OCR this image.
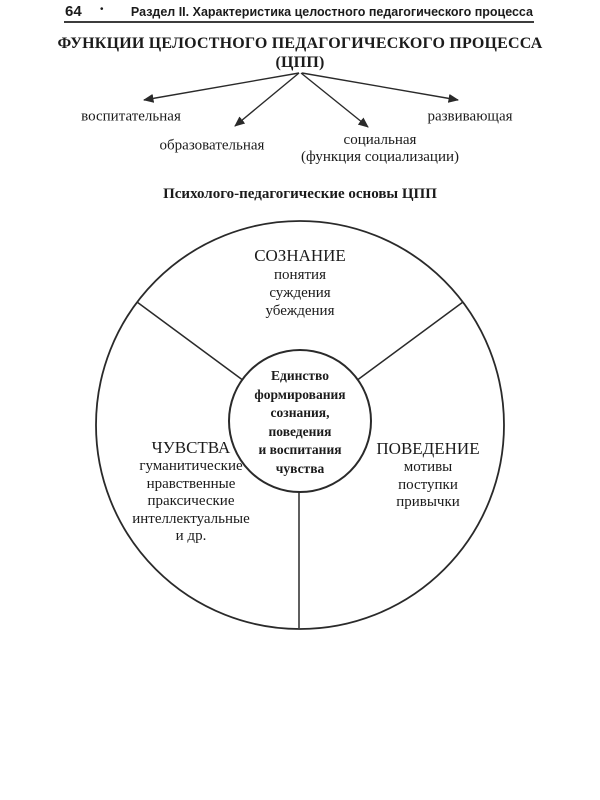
64 • Раздел II. Характеристика целостного педагогического процесса
ФУНКЦИИ ЦЕЛОСТНОГО ПЕДАГОГИЧЕСКОГО ПРОЦЕССА
(ЦПП)
воспитательная
образовательная	социальная
(функция социализации)
развивающая
Психолого-педагогические основы ЦПП
СОЗНАНИЕ
понятия
суждения
убеждения
Единство
формирования
сознания,
поведения
и воспитания
чувства
ЧУВСТВА
гуманитические
нравственные
праксические
интеллектуальные
и др.
ПОВЕДЕНИЕ
мотивы
поступки
привычки
